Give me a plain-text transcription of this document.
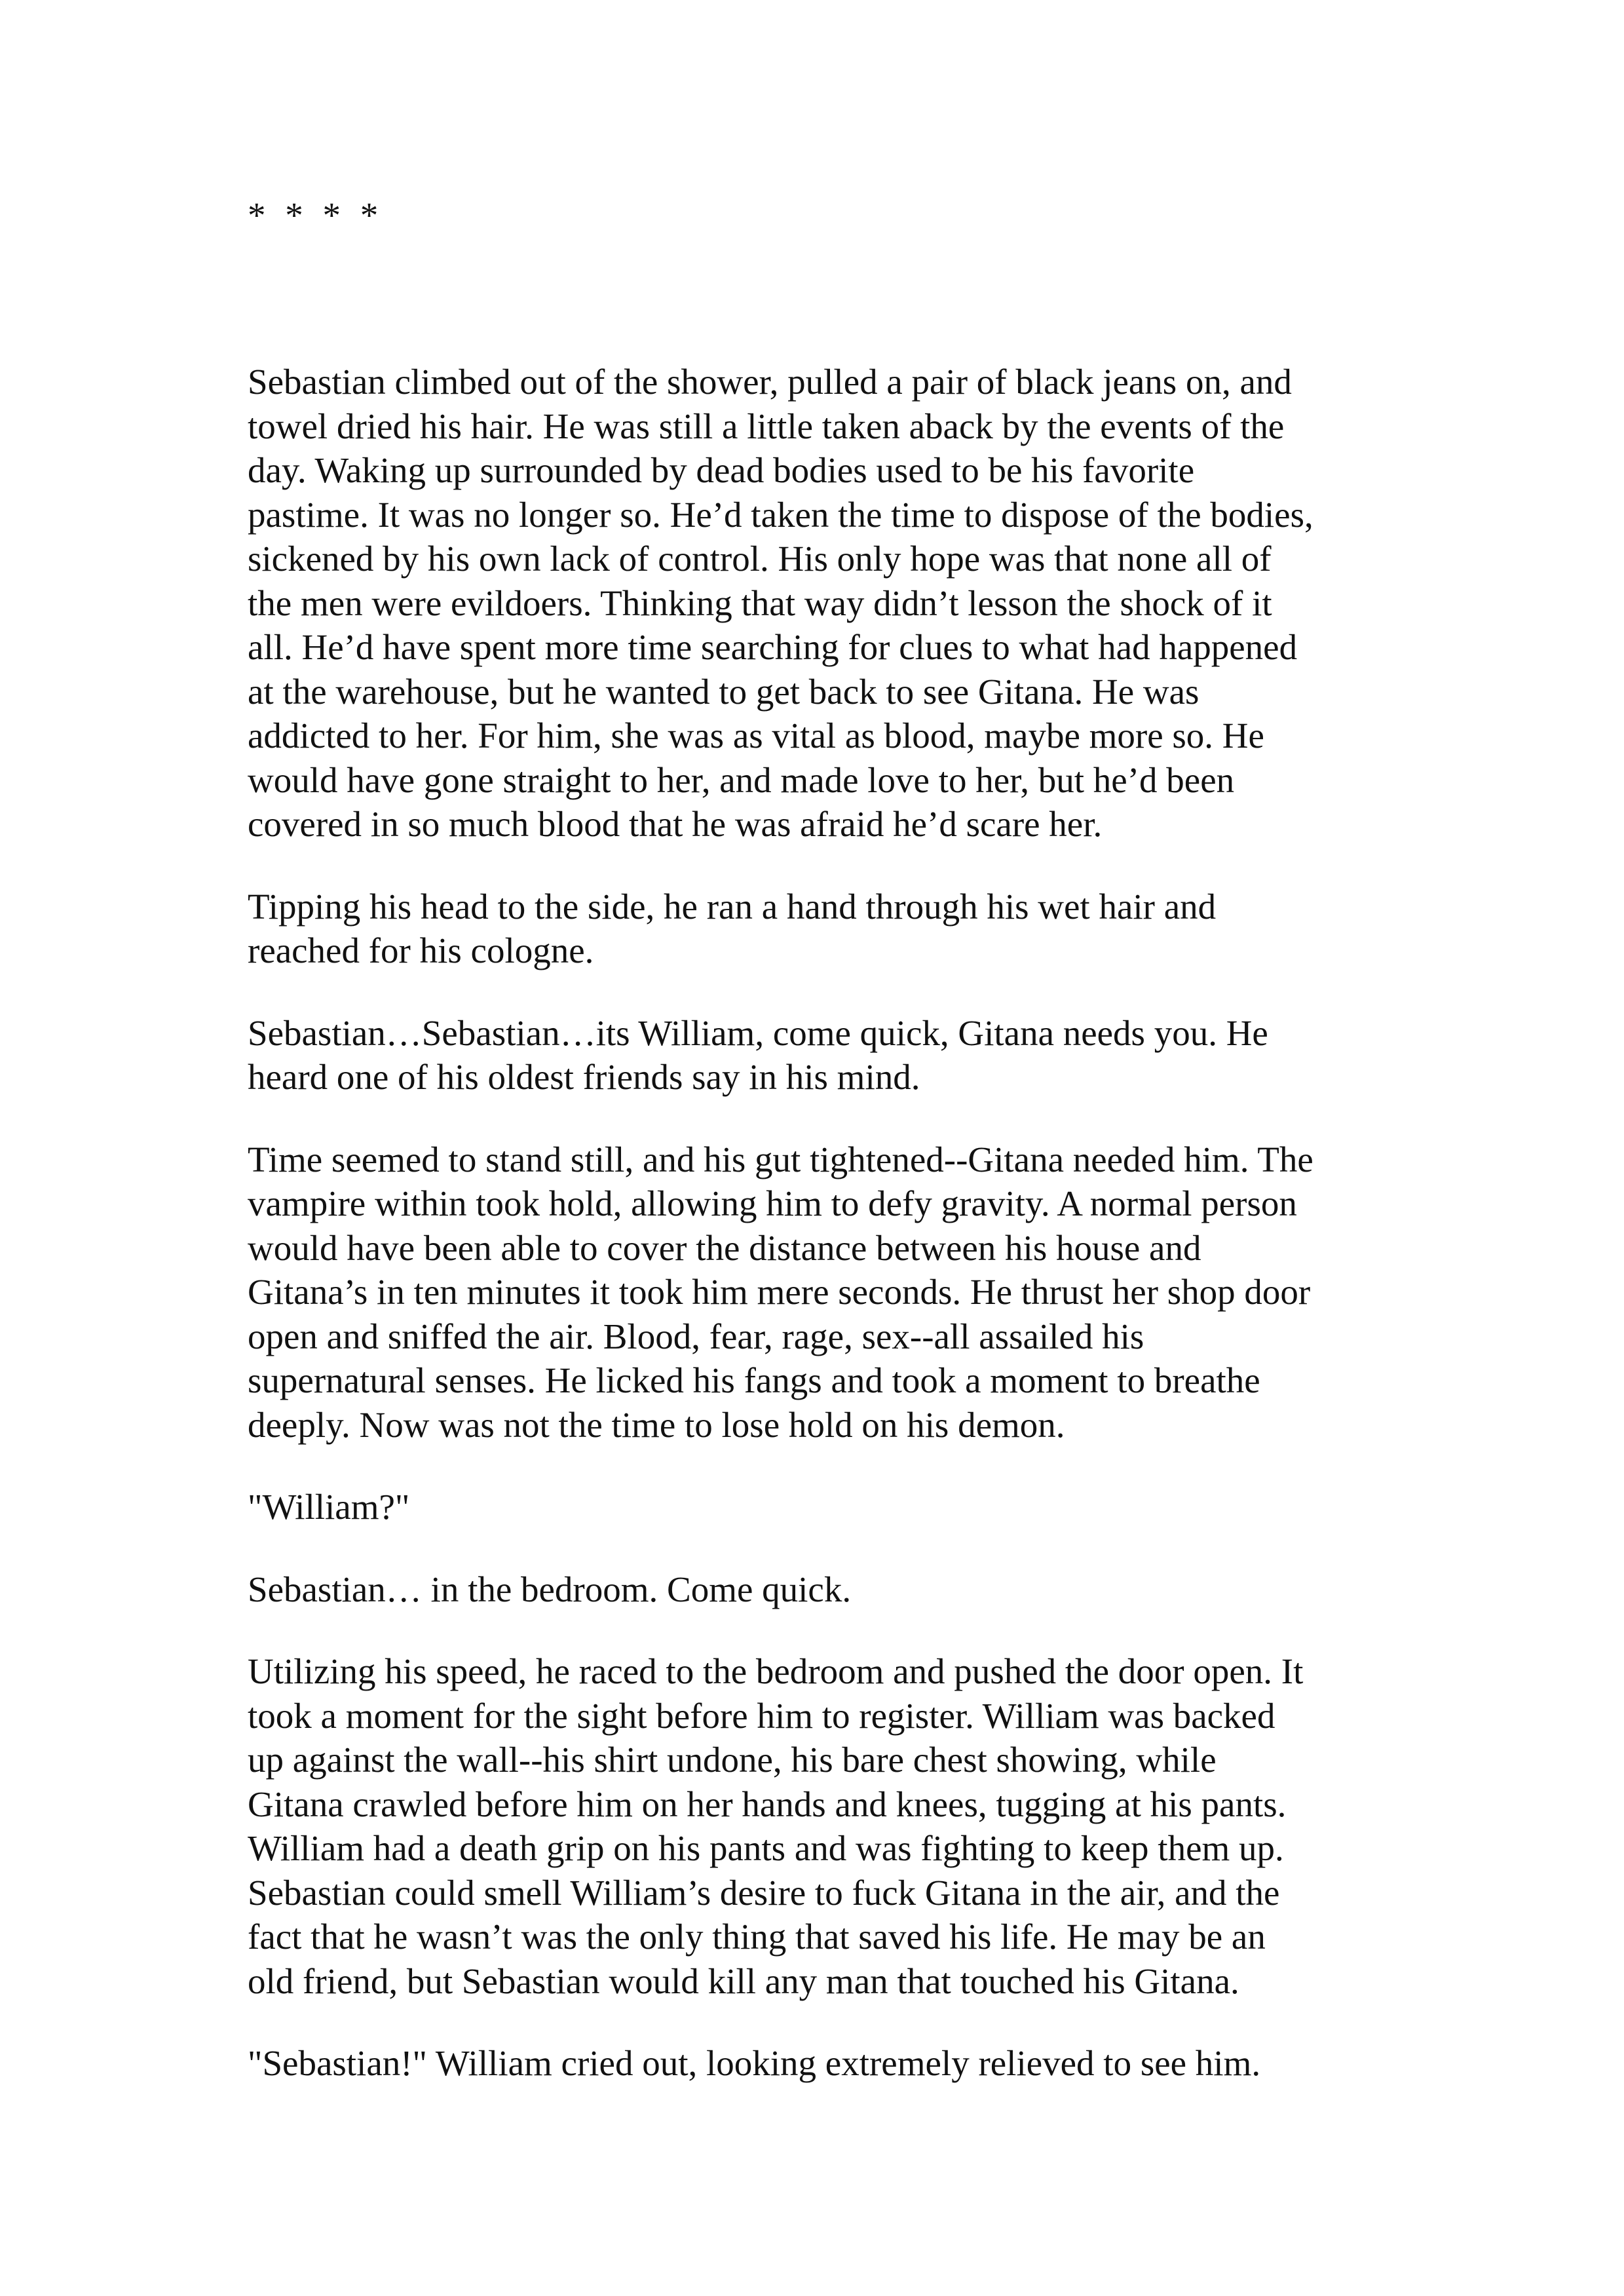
* * * *

Sebastian climbed out of the shower, pulled a pair of black jeans on, and
towel dried his hair. He was still a little taken aback by the events of the
day. Waking up surrounded by dead bodies used to be his favorite
pastime. It was no longer so. He’d taken the time to dispose of the bodies,
sickened by his own lack of control. His only hope was that none all of
the men were evildoers. Thinking that way didn’t lesson the shock of it
all. He’d have spent more time searching for clues to what had happened
at the warehouse, but he wanted to get back to see Gitana. He was
addicted to her. For him, she was as vital as blood, maybe more so. He
would have gone straight to her, and made love to her, but he’d been
covered in so much blood that he was afraid he’d scare her.

Tipping his head to the side, he ran a hand through his wet hair and
reached for his cologne.

Sebastian…Sebastian…its William, come quick, Gitana needs you. He
heard one of his oldest friends say in his mind.

Time seemed to stand still, and his gut tightened--Gitana needed him. The
vampire within took hold, allowing him to defy gravity. A normal person
would have been able to cover the distance between his house and
Gitana’s in ten minutes it took him mere seconds. He thrust her shop door
open and sniffed the air. Blood, fear, rage, sex--all assailed his
supernatural senses. He licked his fangs and took a moment to breathe
deeply. Now was not the time to lose hold on his demon.

"William?"

Sebastian… in the bedroom. Come quick.

Utilizing his speed, he raced to the bedroom and pushed the door open. It
took a moment for the sight before him to register. William was backed
up against the wall--his shirt undone, his bare chest showing, while
Gitana crawled before him on her hands and knees, tugging at his pants.
William had a death grip on his pants and was fighting to keep them up.
Sebastian could smell William’s desire to fuck Gitana in the air, and the
fact that he wasn’t was the only thing that saved his life. He may be an
old friend, but Sebastian would kill any man that touched his Gitana.

"Sebastian!" William cried out, looking extremely relieved to see him.
